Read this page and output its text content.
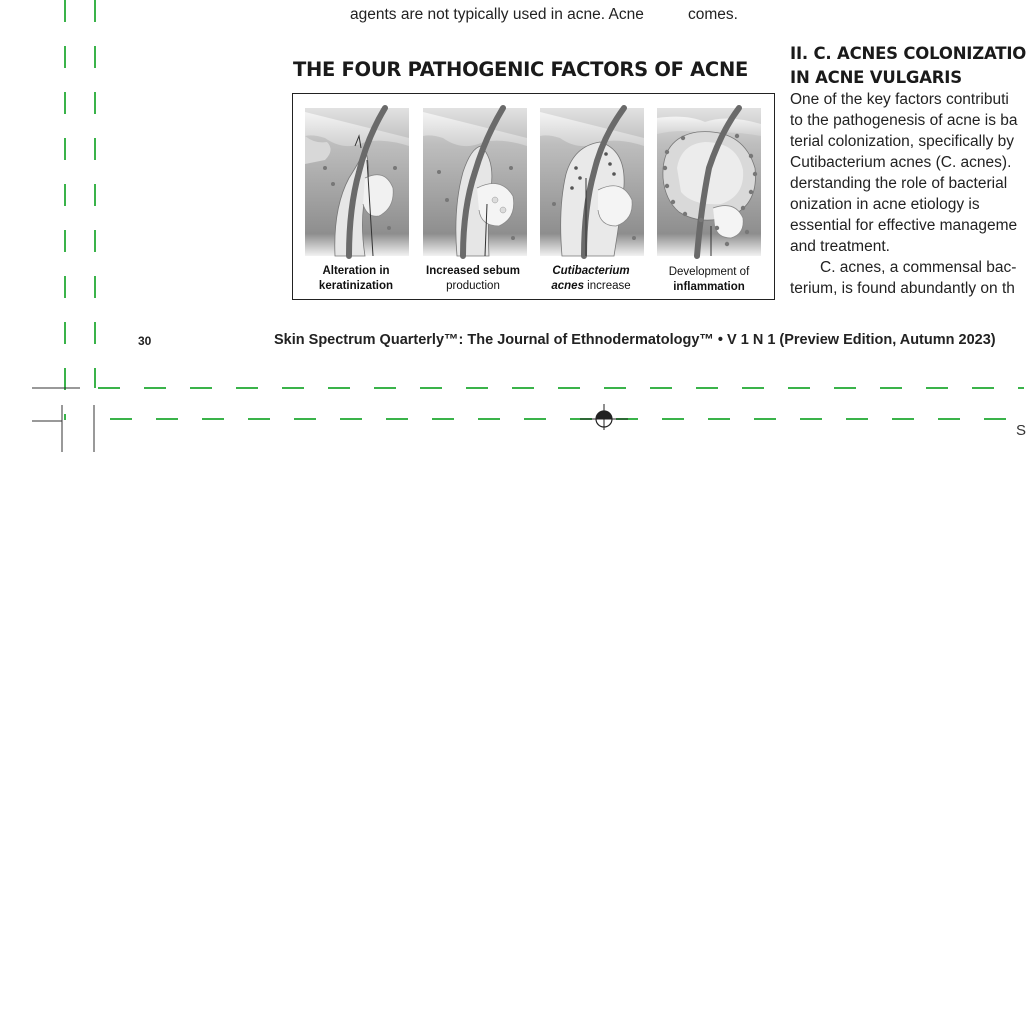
agents are not typically used in acne. Acne	comes.
THE FOUR PATHOGENIC FACTORS OF ACNE
Alteration in
keratinization
Increased sebum
production
Cutibacterium
acnes increase
Development of
inflammation
II. C. ACNES COLONIZATIO
IN ACNE VULGARIS
One of the key factors contributi
to the pathogenesis of acne is ba
terial colonization, specifically by
Cutibacterium acnes (C. acnes).
derstanding the role of bacterial
onization in acne etiology is
essential for effective manageme
and treatment.
C. acnes, a commensal bac-
terium, is found abundantly on th
30	Skin Spectrum Quarterly™: The Journal of Ethnodermatology™ • V 1 N 1 (Preview Edition, Autumn 2023)
S
